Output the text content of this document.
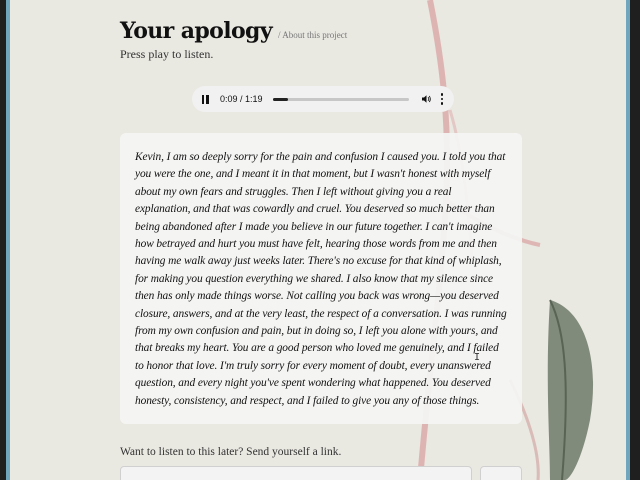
Your apology / About this project
Press play to listen.
0:09 / 1:19

Kevin, I am so deeply sorry for the pain and confusion I caused you. I told you that you were the one, and I meant it in that moment, but I wasn't honest with myself about my own fears and struggles. Then I left without giving you a real explanation, and that was cowardly and cruel. You deserved so much better than being abandoned after I made you believe in our future together. I can't imagine how betrayed and hurt you must have felt, hearing those words from me and then having me walk away just weeks later. There's no excuse for that kind of whiplash, for making you question everything we shared. I also know that my silence since then has only made things worse. Not calling you back was wrong—you deserved closure, answers, and at the very least, the respect of a conversation. I was running from my own confusion and pain, but in doing so, I left you alone with yours, and that breaks my heart. You are a good person who loved me genuinely, and I failed to honor that love. I'm truly sorry for every moment of doubt, every unanswered question, and every night you've spent wondering what happened. You deserved honesty, consistency, and respect, and I failed to give you any of those things.

I
Want to listen to this later? Send yourself a link.
